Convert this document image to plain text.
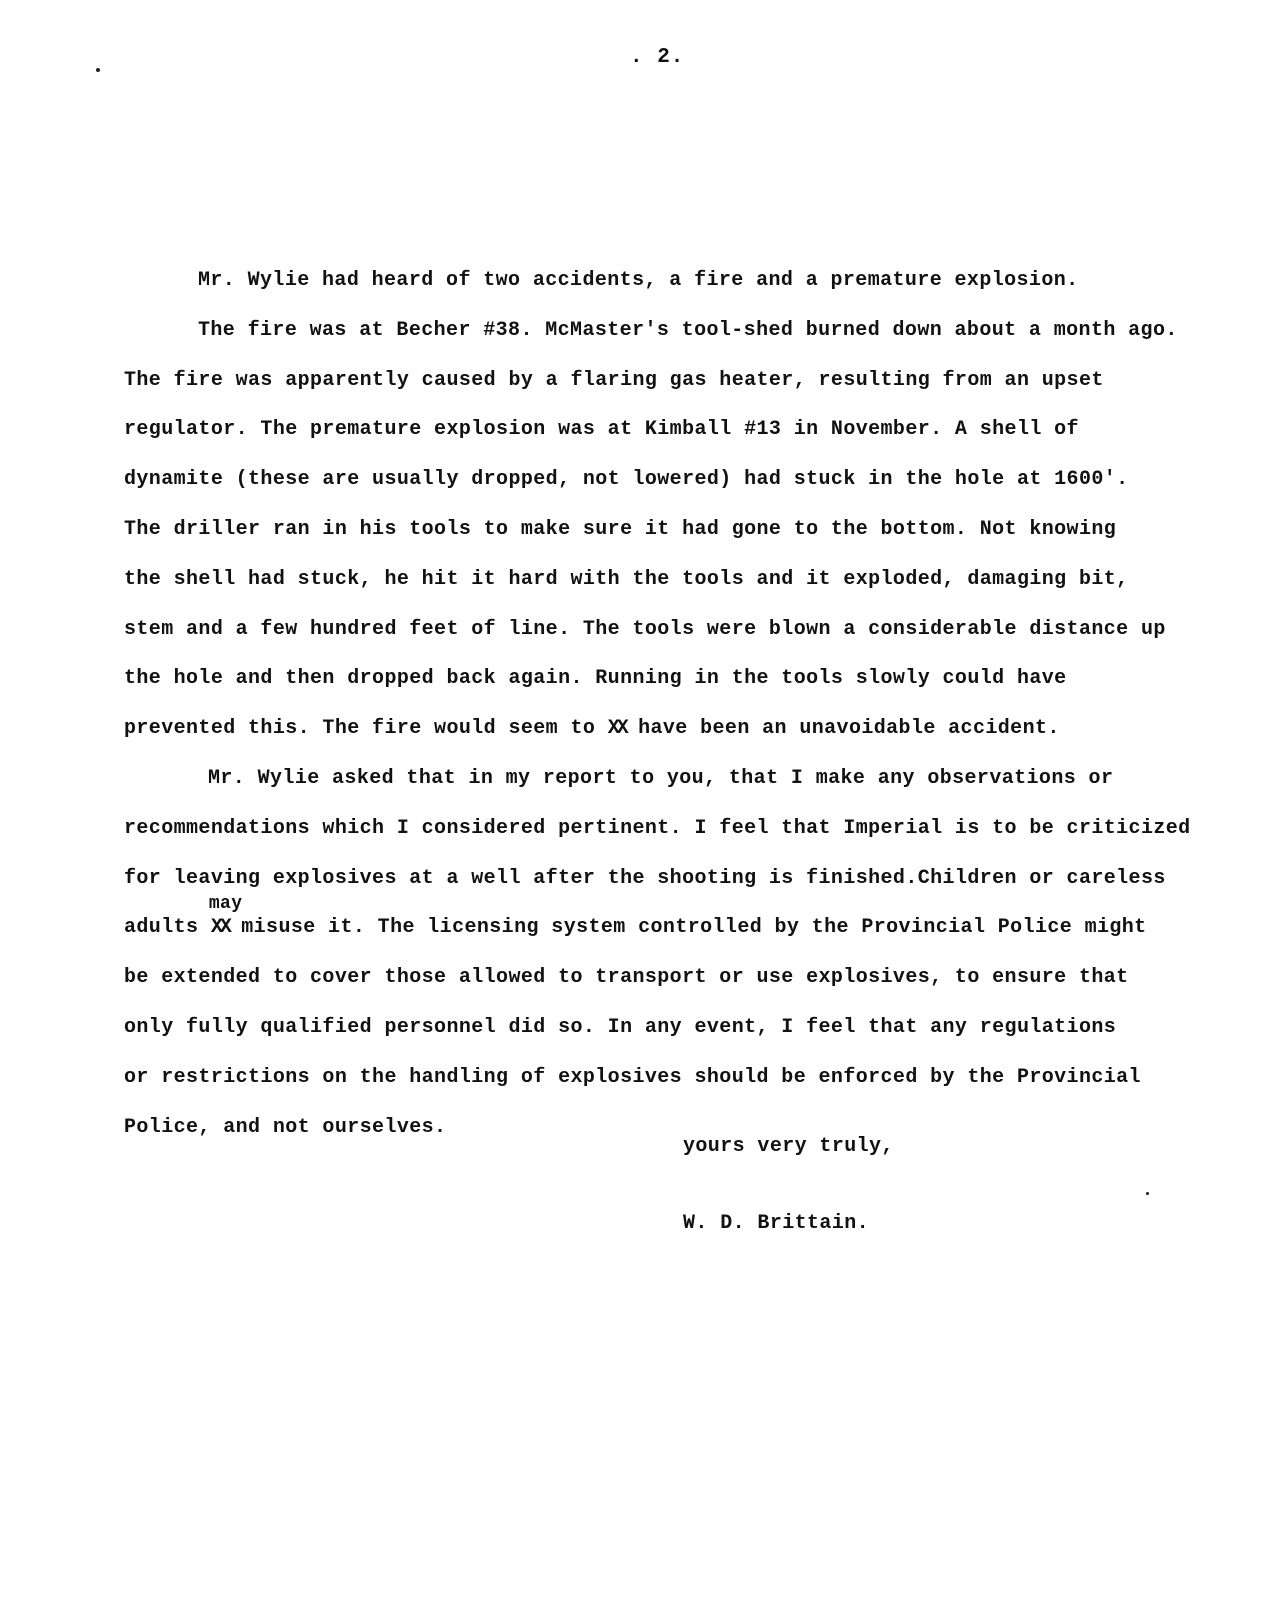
. 2.
Mr. Wylie had heard of two accidents, a fire and a premature explosion.
The fire was at Becher #38. McMaster's tool-shed burned down about a month ago.
The fire was apparently caused by a flaring gas heater, resulting from an upset
regulator. The premature explosion was at Kimball #13 in November. A shell of
dynamite (these are usually dropped, not lowered) had stuck in the hole at 1600'.
The driller ran in his tools to make sure it had gone to the bottom. Not knowing
the shell had stuck, he hit it hard with the tools and it exploded, damaging bit,
stem and a few hundred feet of line. The tools were blown a considerable distance up
the hole and then dropped back again. Running in the tools slowly could have
prevented this. The fire would seem to XX have been an unavoidable accident.
Mr. Wylie asked that in my report to you, that I make any observations or
recommendations which I considered pertinent. I feel that Imperial is to be criticized
for leaving explosives at a well after the shooting is finished.Children or careless
adults
may
XX misuse it. The licensing system controlled by the Provincial Police might
be extended to cover those allowed to transport or use explosives, to ensure that
only fully qualified personnel did so. In any event, I feel that any regulations
or restrictions on the handling of explosives should be enforced by the Provincial
Police, and not ourselves.
yours very truly,
W. D. Brittain.
